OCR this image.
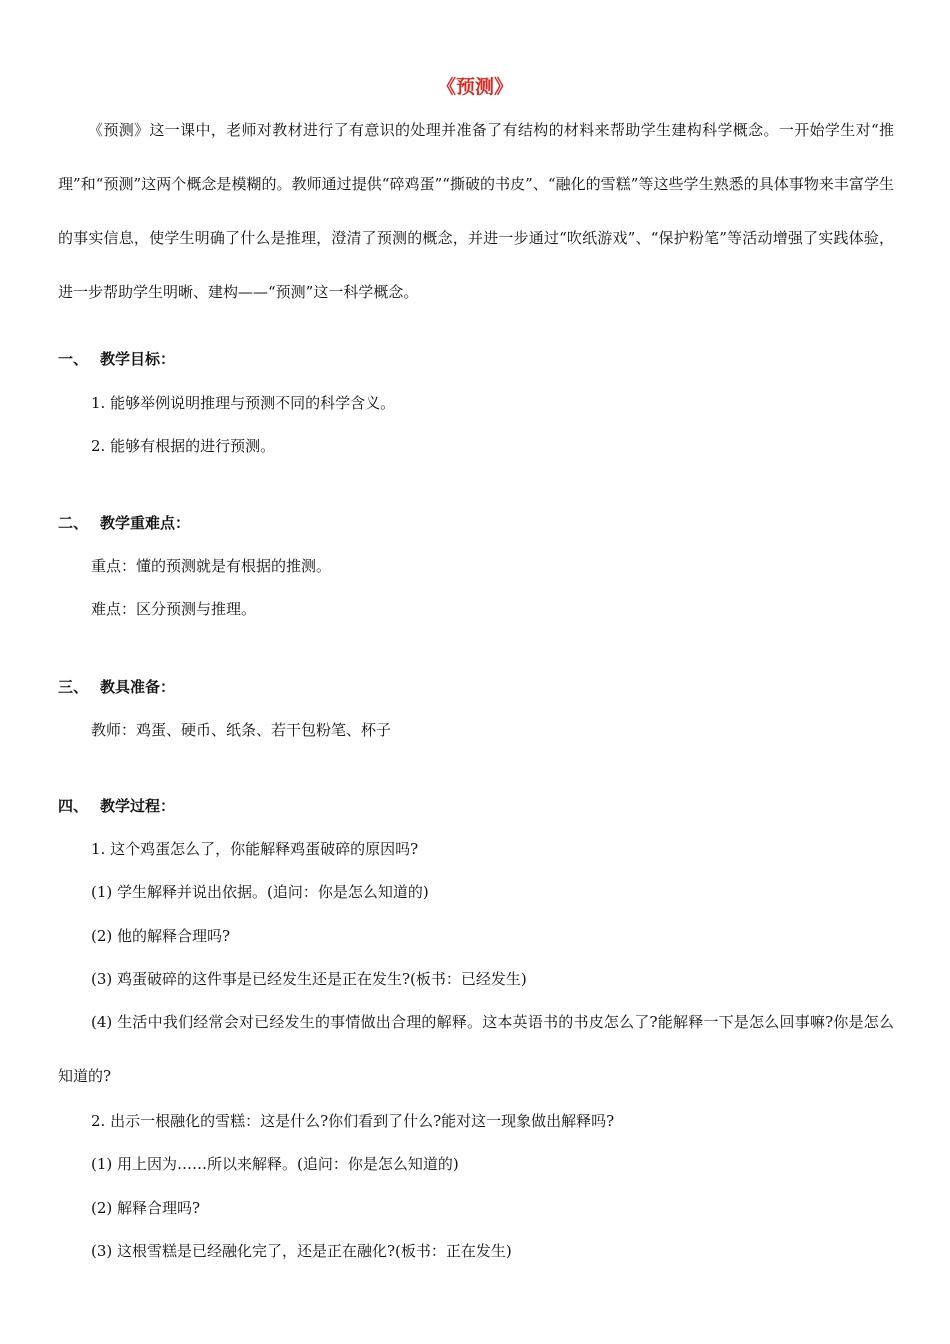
《预测》

《预测》这一课中，老师对教材进行了有意识的处理并准备了有结构的材料来帮助学生建构科学概念。一开始学生对“推理”和“预测”这两个概念是模糊的。教师通过提供“碎鸡蛋”“撕破的书皮”、“融化的雪糕”等这些学生熟悉的具体事物来丰富学生的事实信息，使学生明确了什么是推理，澄清了预测的概念，并进一步通过“吹纸游戏”、“保护粉笔”等活动增强了实践体验，进一步帮助学生明晰、建构——“预测”这一科学概念。

一、 教学目标：

1. 能够举例说明推理与预测不同的科学含义。

2. 能够有根据的进行预测。

二、 教学重难点：

重点：懂的预测就是有根据的推测。

难点：区分预测与推理。

三、 教具准备：

教师：鸡蛋、硬币、纸条、若干包粉笔、杯子

四、 教学过程：

1. 这个鸡蛋怎么了，你能解释鸡蛋破碎的原因吗?

(1) 学生解释并说出依据。(追问：你是怎么知道的)

(2) 他的解释合理吗?

(3) 鸡蛋破碎的这件事是已经发生还是正在发生?(板书：已经发生)

(4) 生活中我们经常会对已经发生的事情做出合理的解释。这本英语书的书皮怎么了?能解释一下是怎么回事嘛?你是怎么知道的?

2. 出示一根融化的雪糕：这是什么?你们看到了什么?能对这一现象做出解释吗?

(1) 用上因为……所以来解释。(追问：你是怎么知道的)

(2) 解释合理吗?

(3) 这根雪糕是已经融化完了，还是正在融化?(板书：正在发生)
